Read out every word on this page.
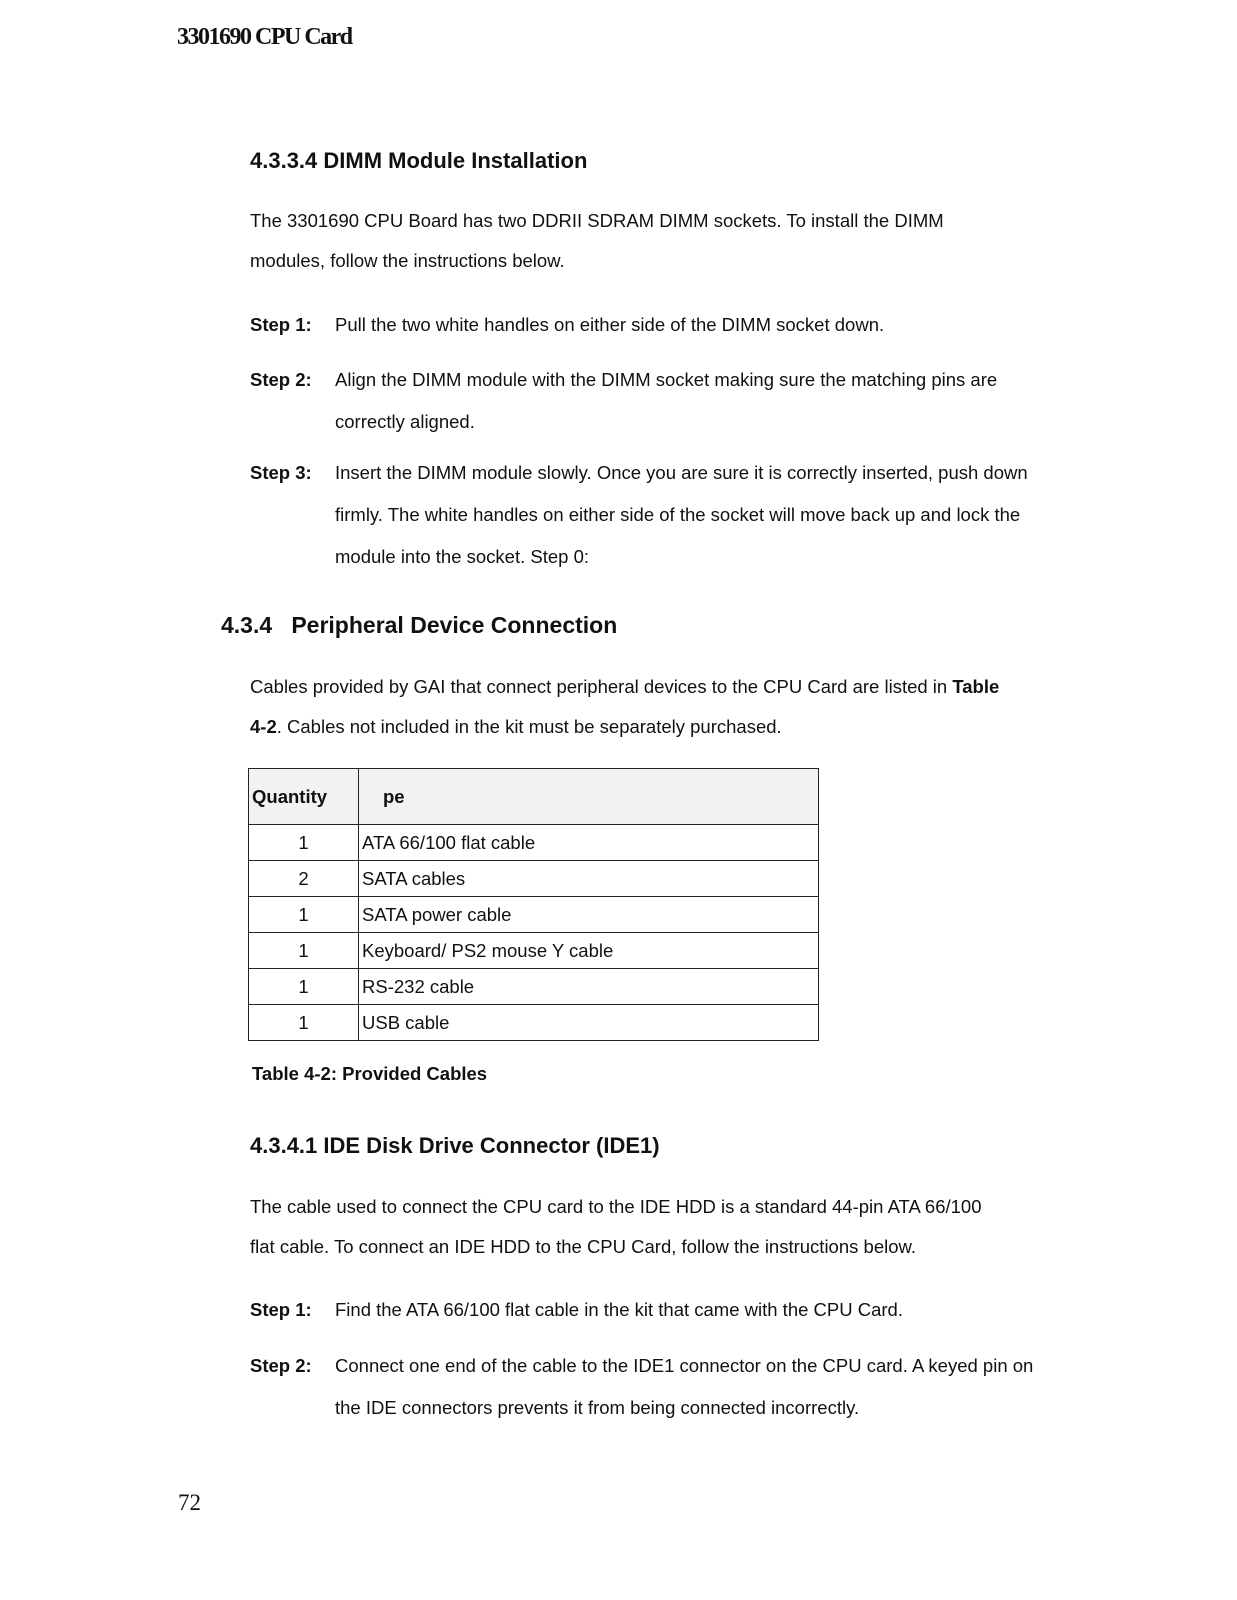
3301690 CPU Card
4.3.3.4 DIMM Module Installation
The 3301690 CPU Board has two DDRII SDRAM DIMM sockets. To install the DIMM
modules, follow the instructions below.
Step 1: Pull the two white handles on either side of the DIMM socket down.
Step 2: Align the DIMM module with the DIMM socket making sure the matching pins are correctly aligned.
Step 3: Insert the DIMM module slowly. Once you are sure it is correctly inserted, push down firmly. The white handles on either side of the socket will move back up and lock the module into the socket. Step 0:
4.3.4   Peripheral Device Connection
Cables provided by GAI that connect peripheral devices to the CPU Card are listed in Table
4-2. Cables not included in the kit must be separately purchased.
Quantity	pe
1	ATA 66/100 flat cable
2	SATA cables
1	SATA power cable
1	Keyboard/ PS2 mouse Y cable
1	RS-232 cable
1	USB cable
Table 4-2: Provided Cables
4.3.4.1 IDE Disk Drive Connector (IDE1)
The cable used to connect the CPU card to the IDE HDD is a standard 44-pin ATA 66/100
flat cable. To connect an IDE HDD to the CPU Card, follow the instructions below.
Step 1: Find the ATA 66/100 flat cable in the kit that came with the CPU Card.
Step 2: Connect one end of the cable to the IDE1 connector on the CPU card. A keyed pin on the IDE connectors prevents it from being connected incorrectly.
72
